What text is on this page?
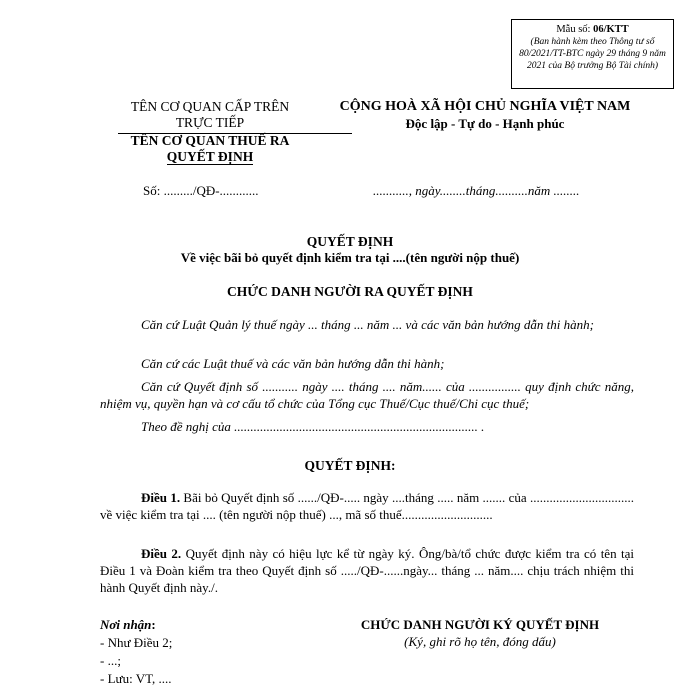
Mẫu số: 06/KTT
(Ban hành kèm theo Thông tư số 80/2021/TT-BTC ngày 29 tháng 9 năm 2021 của Bộ trưởng Bộ Tài chính)
TÊN CƠ QUAN CẤP TRÊN
TRỰC TIẾP
TÊN CƠ QUAN THUẾ RA
QUYẾT ĐỊNH
CỘNG HOÀ XÃ HỘI CHỦ NGHĨA VIỆT NAM
Độc lập - Tự do - Hạnh phúc
Số: ........./QĐ-............	..........., ngày........tháng..........năm ........
QUYẾT ĐỊNH
Về việc bãi bỏ quyết định kiểm tra tại ....(tên người nộp thuế)
CHỨC DANH NGƯỜI RA QUYẾT ĐỊNH
Căn cứ Luật Quản lý thuế ngày ... tháng ... năm ... và các văn bản hướng dẫn thi hành;
Căn cứ các Luật thuế và các văn bản hướng dẫn thi hành;
Căn cứ Quyết định số ........... ngày .... tháng .... năm...... của ................ quy định chức năng, nhiệm vụ, quyền hạn và cơ cấu tổ chức của Tổng cục Thuế/Cục thuế/Chi cục thuế;
Theo đề nghị của ........................................................................... .
QUYẾT ĐỊNH:
Điều 1. Bãi bỏ Quyết định số ....../QĐ-..... ngày ....tháng ..... năm ....... của ................................ về việc kiểm tra tại .... (tên người nộp thuế) ..., mã số thuế............................
Điều 2. Quyết định này có hiệu lực kể từ ngày ký. Ông/bà/tổ chức được kiểm tra có tên tại Điều 1 và Đoàn kiểm tra theo Quyết định số ...../QĐ-......ngày... tháng ... năm.... chịu trách nhiệm thi hành Quyết định này./.
Nơi nhận:
- Như Điều 2;
- ...;
- Lưu: VT, ....
CHỨC DANH NGƯỜI KÝ QUYẾT ĐỊNH
(Ký, ghi rõ họ tên, đóng dấu)
